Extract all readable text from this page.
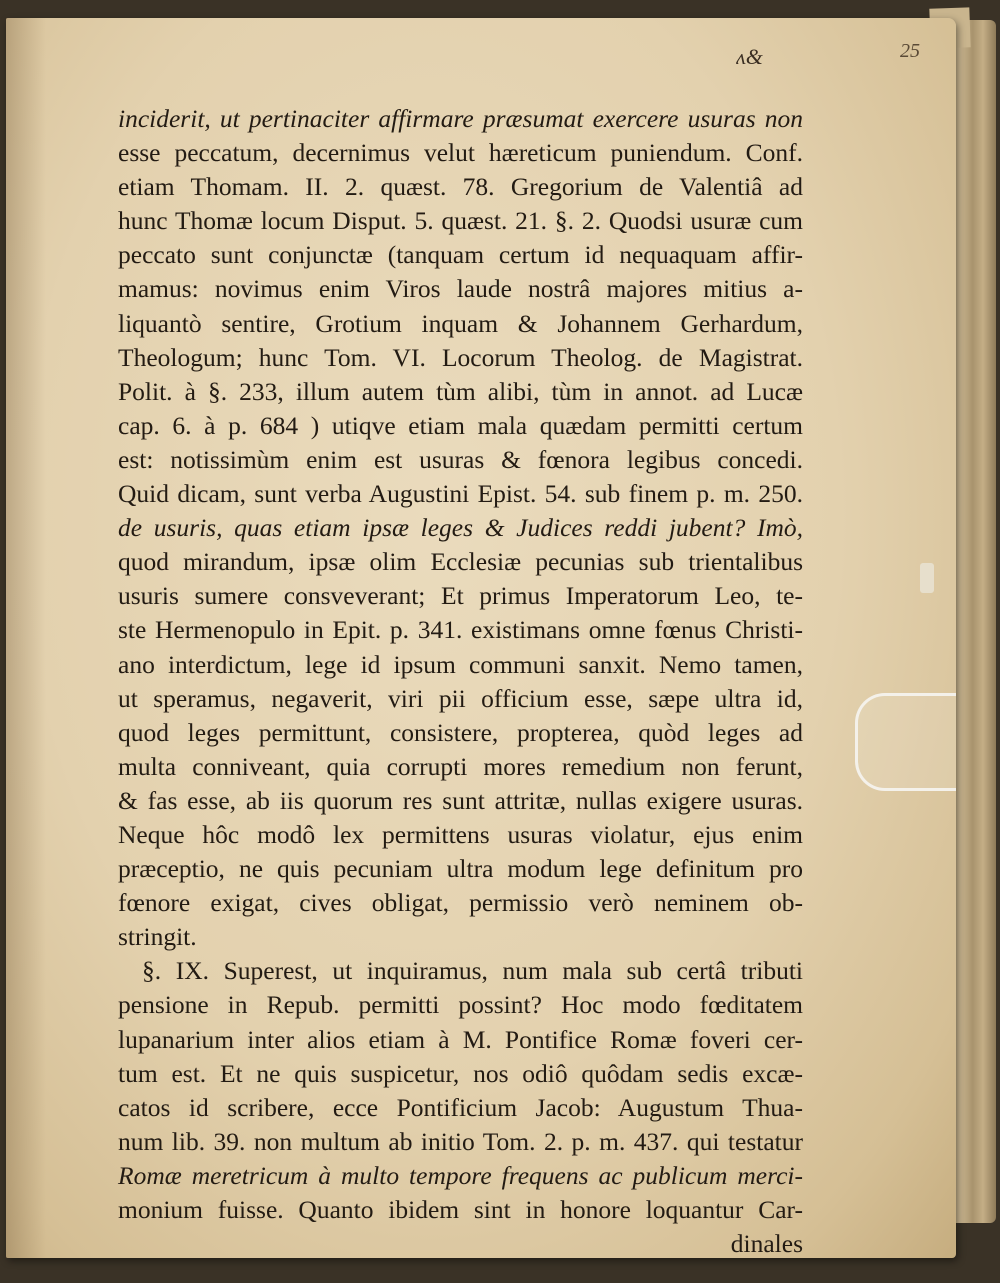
ʌ&	25
inciderit, ut pertinaciter affirmare præsumat exercere usuras non
esse peccatum, decernimus velut hæreticum puniendum. Conf.
etiam Thomam. II. 2. quæst. 78. Gregorium de Valentiâ ad
hunc Thomæ locum Disput. 5. quæst. 21. §. 2. Quodsi usuræ cum
peccato sunt conjunctæ (tanquam certum id nequaquam affir-
mamus: novimus enim Viros laude nostrâ majores mitius a-
liquantò sentire, Grotium inquam & Johannem Gerhardum,
Theologum; hunc Tom. VI. Locorum Theolog. de Magistrat.
Polit. à §. 233, illum autem tùm alibi, tùm in annot. ad Lucæ
cap. 6. à p. 684 ) utiqve etiam mala quædam permitti certum
est: notissimùm enim est usuras & fœnora legibus concedi.
Quid dicam, sunt verba Augustini Epist. 54. sub finem p. m. 250.
de usuris, quas etiam ipsæ leges & Judices reddi jubent? Imò,
quod mirandum, ipsæ olim Ecclesiæ pecunias sub trientalibus
usuris sumere consveverant; Et primus Imperatorum Leo, te-
ste Hermenopulo in Epit. p. 341. existimans omne fœnus Christi-
ano interdictum, lege id ipsum communi sanxit. Nemo tamen,
ut speramus, negaverit, viri pii officium esse, sæpe ultra id,
quod leges permittunt, consistere, propterea, quòd leges ad
multa conniveant, quia corrupti mores remedium non ferunt,
& fas esse, ab iis quorum res sunt attritæ, nullas exigere usuras.
Neque hôc modô lex permittens usuras violatur, ejus enim
præceptio, ne quis pecuniam ultra modum lege definitum pro
fœnore exigat, cives obligat, permissio verò neminem ob-
stringit.
§. IX. Superest, ut inquiramus, num mala sub certâ tributi
pensione in Repub. permitti possint? Hoc modo fœditatem
lupanarium inter alios etiam à M. Pontifice Romæ foveri cer-
tum est. Et ne quis suspicetur, nos odiô quôdam sedis excæ-
catos id scribere, ecce Pontificium Jacob: Augustum Thua-
num lib. 39. non multum ab initio Tom. 2. p. m. 437. qui testatur
Romæ meretricum à multo tempore frequens ac publicum merci-
monium fuisse. Quanto ibidem sint in honore loquantur Car-
dinales
